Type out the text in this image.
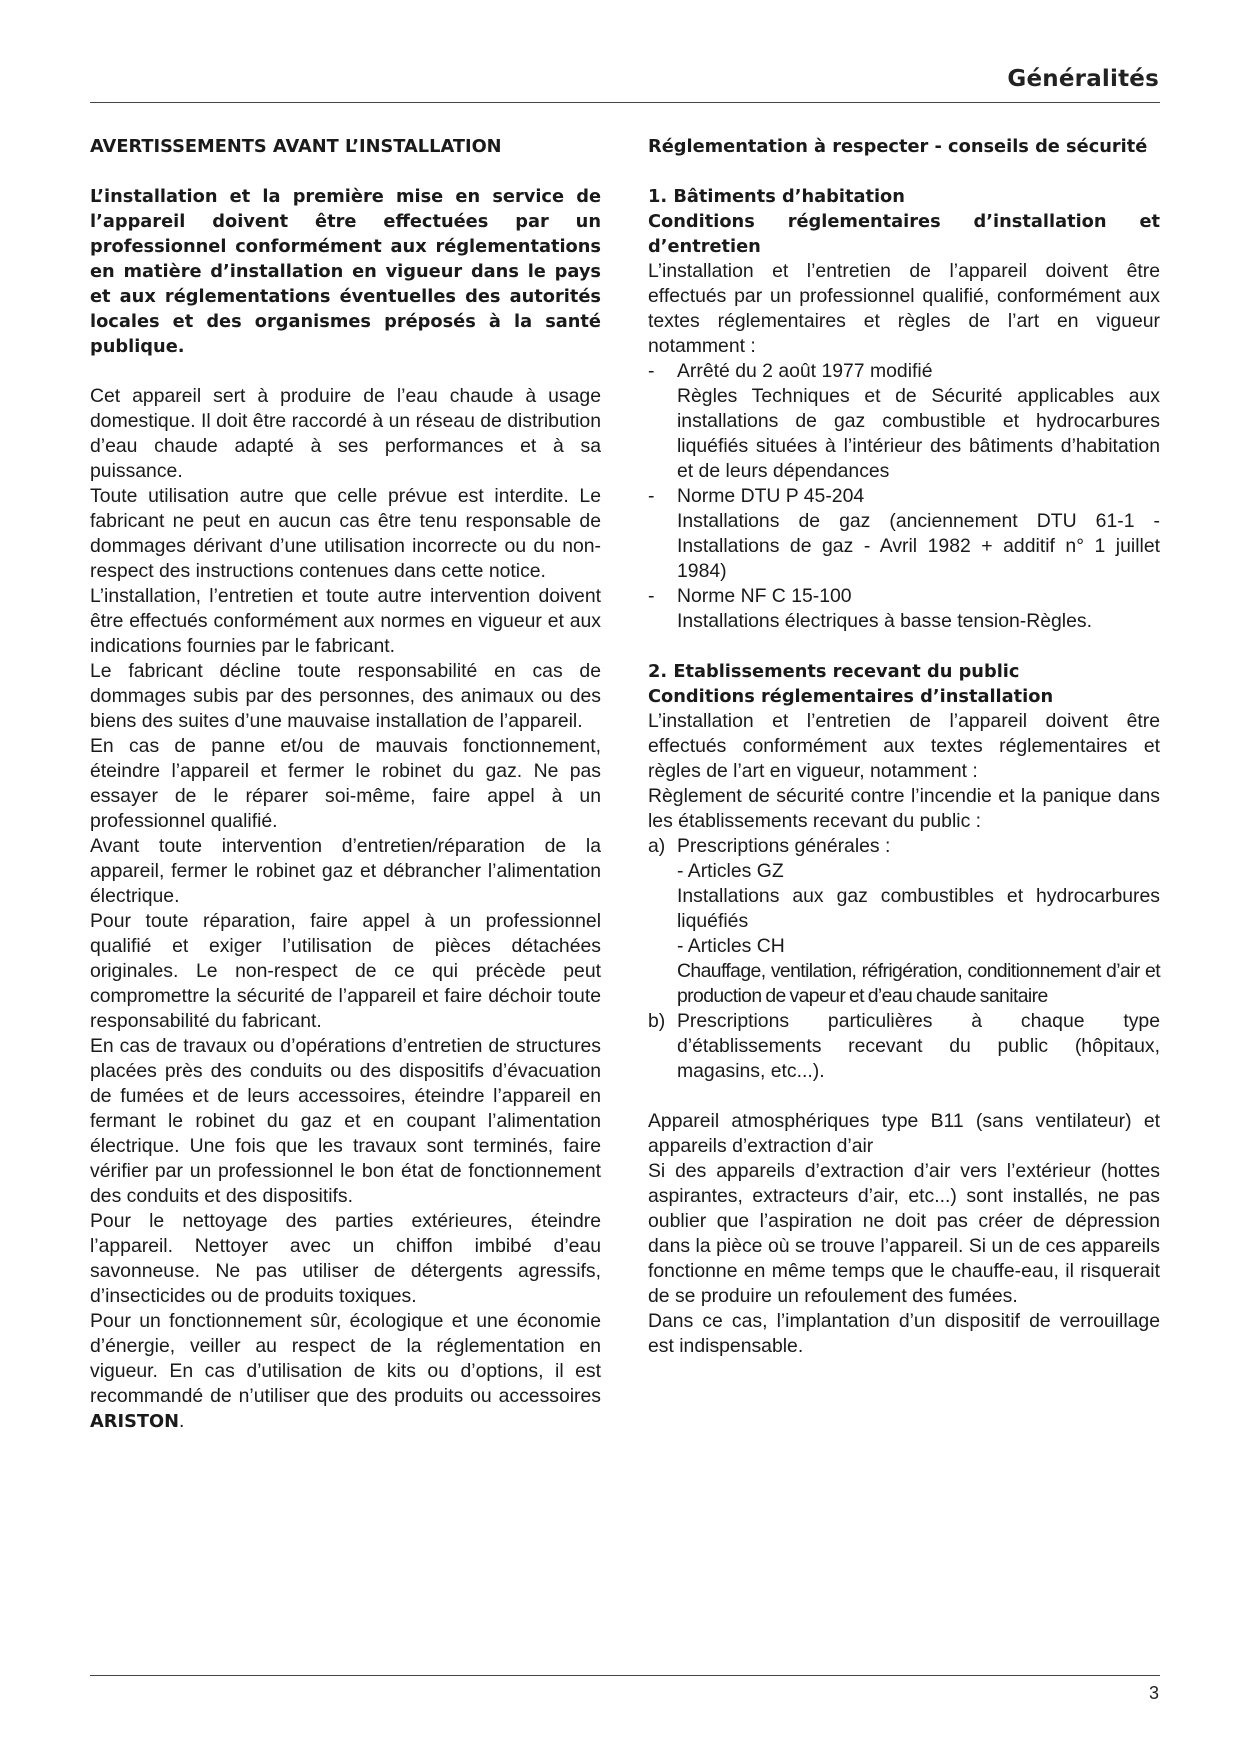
Généralités

AVERTISSEMENTS AVANT L’INSTALLATION

L’installation et la première mise en service de l’appareil doivent être effectuées par un professionnel conformément aux réglementations en matière d’installation en vigueur dans le pays et aux réglementations éventuelles des autorités locales et des organismes préposés à la santé publique.

Cet appareil sert à produire de l’eau chaude à usage domestique. Il doit être raccordé à un réseau de distribution d’eau chaude adapté à ses performances et à sa puissance.

Toute utilisation autre que celle prévue est interdite. Le fabricant ne peut en aucun cas être tenu responsable de dommages dérivant d’une utilisation incorrecte ou du non-respect des instructions contenues dans cette notice.

L’installation, l’entretien et toute autre intervention doivent être effectués conformément aux normes en vigueur et aux indications fournies par le fabricant.

Le fabricant décline toute responsabilité en cas de dommages subis par des personnes, des animaux ou des biens des suites d’une mauvaise installation de l’appareil.

En cas de panne et/ou de mauvais fonctionnement, éteindre l’appareil et fermer le robinet du gaz. Ne pas essayer de le réparer soi-même, faire appel à un professionnel qualifié.

Avant toute intervention d’entretien/réparation de la appareil, fermer le robinet gaz et débrancher l’alimentation électrique.

Pour toute réparation, faire appel à un professionnel qualifié et exiger l’utilisation de pièces détachées originales. Le non-respect de ce qui précède peut compromettre la sécurité de l’appareil et faire déchoir toute responsabilité du fabricant.

En cas de travaux ou d’opérations d’entretien de structures placées près des conduits ou des dispositifs d’évacuation de fumées et de leurs accessoires, éteindre l’appareil en fermant le robinet du gaz et en coupant l’alimentation électrique. Une fois que les travaux sont terminés, faire vérifier par un professionnel le bon état de fonctionnement des conduits et des dispositifs.

Pour le nettoyage des parties extérieures, éteindre l’appareil. Nettoyer avec un chiffon imbibé d’eau savonneuse. Ne pas utiliser de détergents agressifs, d’insecticides ou de produits toxiques.

Pour un fonctionnement sûr, écologique et une économie d’énergie, veiller au respect de la réglementation en vigueur. En cas d’utilisation de kits ou d’options, il est recommandé de n’utiliser que des produits ou accessoires ARISTON.

Réglementation à respecter - conseils de sécurité

1. Bâtiments d’habitation

Conditions réglementaires d’installation et d’entretien

L’installation et l’entretien de l’appareil doivent être effectués par un professionnel qualifié, conformément aux textes réglementaires et règles de l’art en vigueur notamment :

-	Arrêté du 2 août 1977 modifié

Règles Techniques et de Sécurité applicables aux installations de gaz combustible et hydrocarbures liquéfiés situées à l’intérieur des bâtiments d’habitation et de leurs dépendances

-	Norme DTU P 45-204

Installations de gaz (anciennement DTU 61-1 - Installations de gaz - Avril 1982 + additif n° 1 juillet 1984)

-	Norme NF C 15-100

Installations électriques à basse tension-Règles.

2. Etablissements recevant du public

Conditions réglementaires d’installation

L’installation et l’entretien de l’appareil doivent être effectués conformément aux textes réglementaires et règles de l’art en vigueur, notamment :

Règlement de sécurité contre l’incendie et la panique dans les établissements recevant du public :

a) Prescriptions générales :

- Articles GZ

Installations aux gaz combustibles et hydrocarbures liquéfiés

- Articles CH

Chauffage, ventilation, réfrigération, conditionnement d’air et production de vapeur et d’eau chaude sanitaire

b) Prescriptions particulières à chaque type d’établissements recevant du public (hôpitaux, magasins, etc...).

Appareil atmosphériques type B11 (sans ventilateur) et appareils d’extraction d’air

Si des appareils d’extraction d’air vers l’extérieur (hottes aspirantes, extracteurs d’air, etc...) sont installés, ne pas oublier que l’aspiration ne doit pas créer de dépression dans la pièce où se trouve l’appareil. Si un de ces appareils fonctionne en même temps que le chauffe-eau, il risquerait de se produire un refoulement des fumées.

Dans ce cas, l’implantation d’un dispositif de verrouillage est indispensable.

3
